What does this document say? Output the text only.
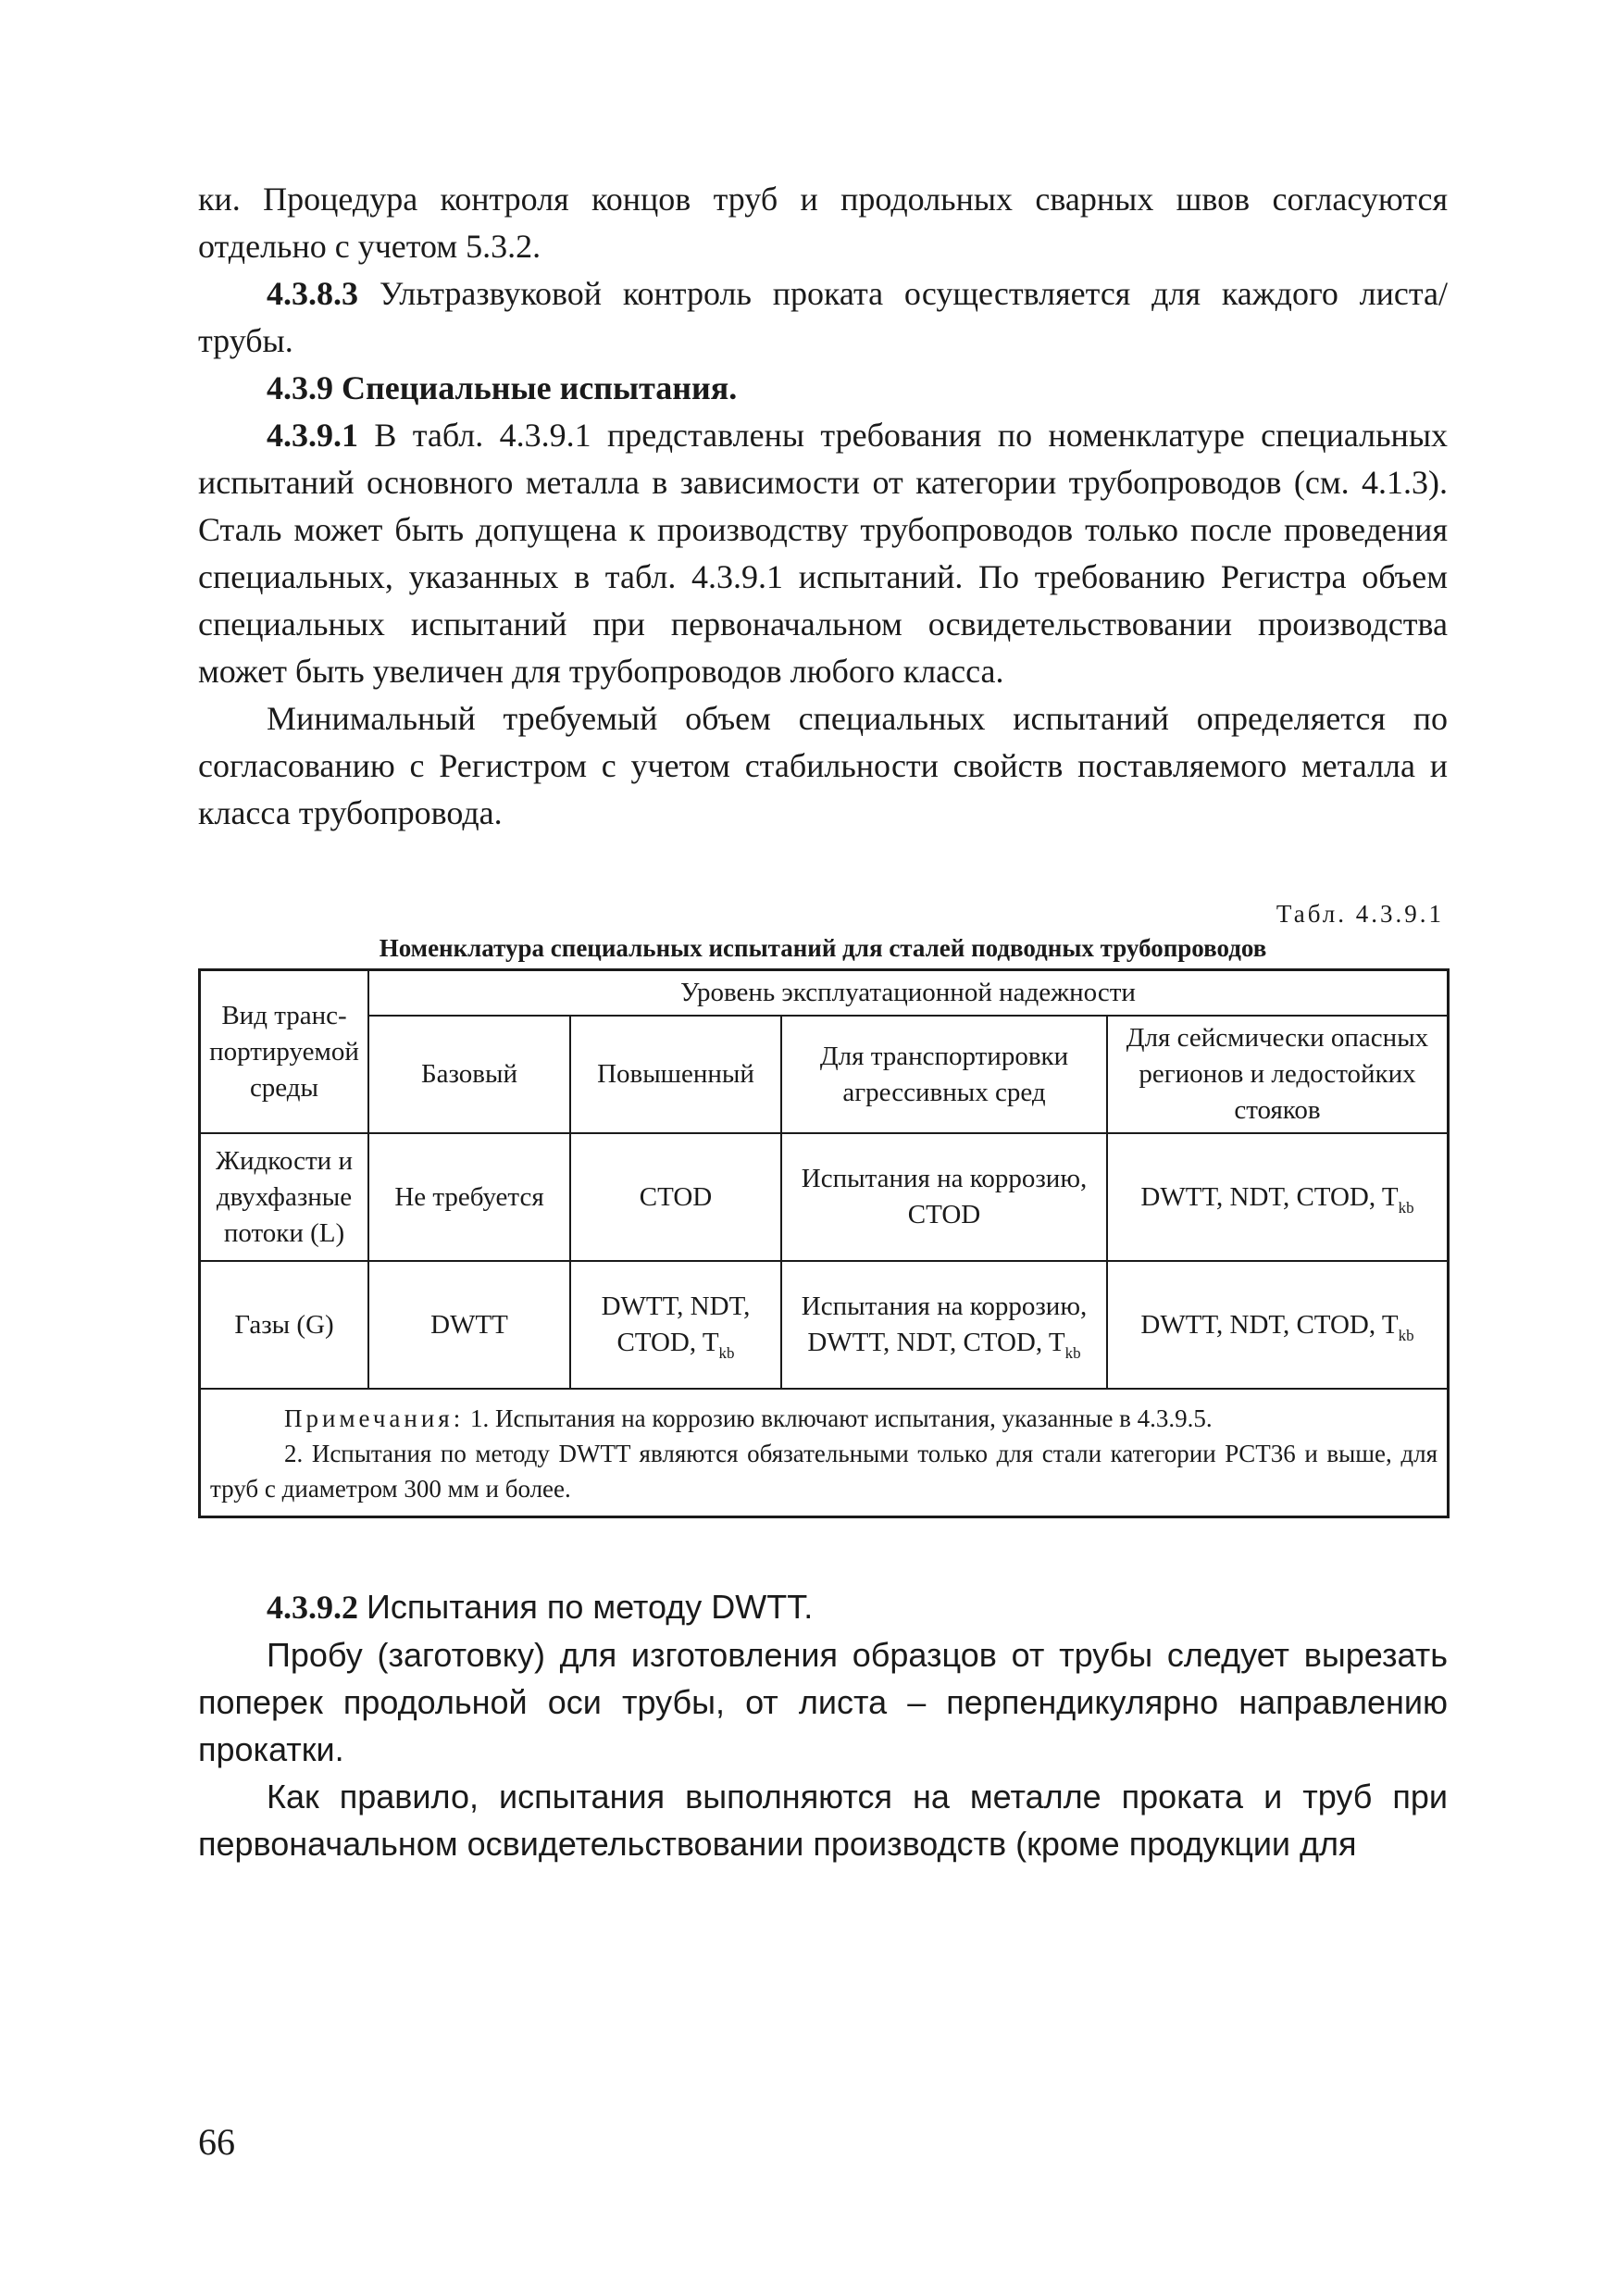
ки. Процедура контроля концов труб и продольных сварных швов согласуются отдельно с учетом 5.3.2.

4.3.8.3 Ультразвуковой контроль проката осуществляется для каждого листа/трубы.

4.3.9 Специальные испытания.

4.3.9.1 В табл. 4.3.9.1 представлены требования по номенклатуре специальных испытаний основного металла в зависимости от категории трубопроводов (см. 4.1.3). Сталь может быть допущена к производству трубопроводов только после проведения специальных, указанных в табл. 4.3.9.1 испытаний. По требованию Регистра объем специальных испытаний при первоначальном освидетельствовании производства может быть увеличен для трубопроводов любого класса.

Минимальный требуемый объем специальных испытаний определяется по согласованию с Регистром с учетом стабильности свойств поставляемого металла и класса трубопровода.

Табл. 4.3.9.1
Номенклатура специальных испытаний для сталей подводных трубопроводов
Вид транс-портируемой среды	Уровень эксплуатационной надежности			
	Базовый	Повышенный	Для транспортировки агрессивных сред	Для сейсмически опасных регионов и ледостойких стояков
Жидкости и двухфазные потоки (L)	Не требуется	CTOD	Испытания на коррозию, CTOD	DWTT, NDT, CTOD, $T_{kb}$
Газы (G)	DWTT	DWTT, NDT, CTOD, $T_{kb}$	Испытания на коррозию, DWTT, NDT, CTOD, $T_{kb}$	DWTT, NDT, CTOD, $T_{kb}$

Примечания: 1. Испытания на коррозию включают испытания, указанные в 4.3.9.5.
2. Испытания по методу DWTT являются обязательными только для стали категории PCT36 и выше, для труб с диаметром 300 мм и более.				

4.3.9.2 Испытания по методу DWTT.

Пробу (заготовку) для изготовления образцов от трубы следует вырезать поперек продольной оси трубы, от листа – перпендикулярно направлению прокатки.

Как правило, испытания выполняются на металле проката и труб при первоначальном освидетельствовании производств (кроме продукции для

66
